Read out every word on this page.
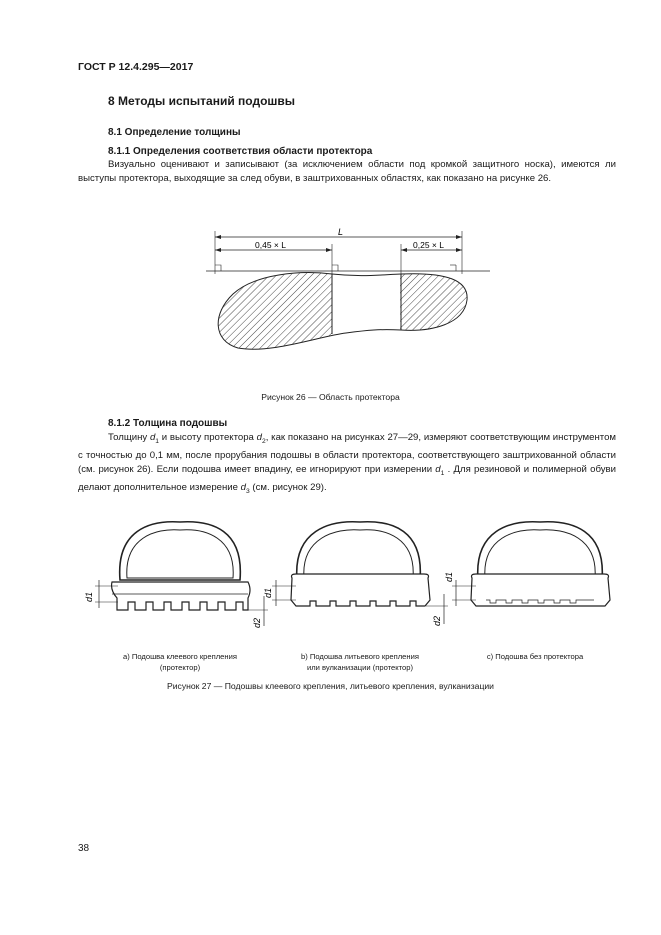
ГОСТ Р 12.4.295—2017
8 Методы испытаний подошвы
8.1 Определение толщины
8.1.1 Определения соответствия области протектора
Визуально оценивают и записывают (за исключением области под кромкой защитного носка), имеются ли выступы протектора, выходящие за след обуви, в заштрихованных областях, как показано на рисунке 26.
L
0,45 × L	0,25 × L
Рисунок 26 — Область протектора
8.1.2 Толщина подошвы
Толщину $d_1$ и высоту протектора $d_2$, как показано на рисунках 27—29, измеряют соответствующим инструментом с точностью до 0,1 мм, после прорубания подошвы в области протектора, соответствующего заштрихованной области (см. рисунок 26). Если подошва имеет впадину, ее игнорируют при измерении $d_1$ . Для резиновой и полимерной обуви делают дополнительное измерение $d_3$ (см. рисунок 29).
d1
d2
d1
d2
d1
а) Подошва клеевого крепления
(протектор)
b) Подошва литьевого крепления
или вулканизации (протектор)
c) Подошва без протектора
Рисунок 27 — Подошвы клеевого крепления, литьевого крепления, вулканизации
38
